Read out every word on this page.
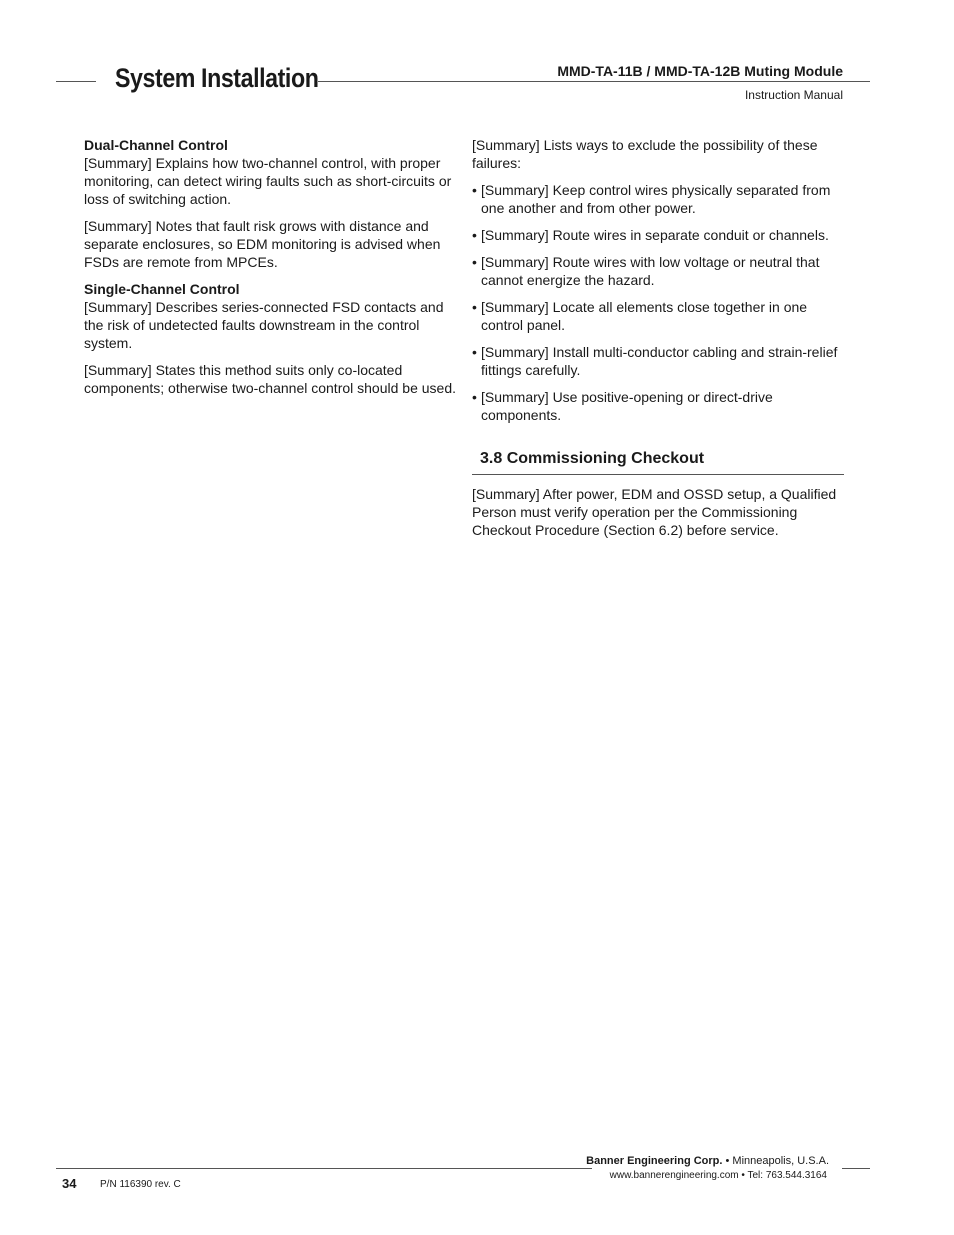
System Installation	MMD-TA-11B / MMD-TA-12B Muting Module
Instruction Manual
Dual-Channel Control

[Summary] Explains how two-channel control, with proper monitoring, can detect wiring faults such as short-circuits or loss of switching action.

[Summary] Notes that fault risk grows with distance and separate enclosures, so EDM monitoring is advised when FSDs are remote from MPCEs.

Single-Channel Control

[Summary] Describes series-connected FSD contacts and the risk of undetected faults downstream in the control system.

[Summary] States this method suits only co-located components; otherwise two-channel control should be used.

[Summary] Lists ways to exclude the possibility of these failures:

• [Summary] Keep control wires physically separated from one another and from other power.
• [Summary] Route wires in separate conduit or channels.
• [Summary] Route wires with low voltage or neutral that cannot energize the hazard.
• [Summary] Locate all elements close together in one control panel.
• [Summary] Install multi-conductor cabling and strain-relief fittings carefully.
• [Summary] Use positive-opening or direct-drive components.
3.8 Commissioning Checkout

[Summary] After power, EDM and OSSD setup, a Qualified Person must verify operation per the Commissioning Checkout Procedure (Section 6.2) before service.

34 P/N 116390 rev. C
Banner Engineering Corp. • Minneapolis, U.S.A.
www.bannerengineering.com • Tel: 763.544.3164
